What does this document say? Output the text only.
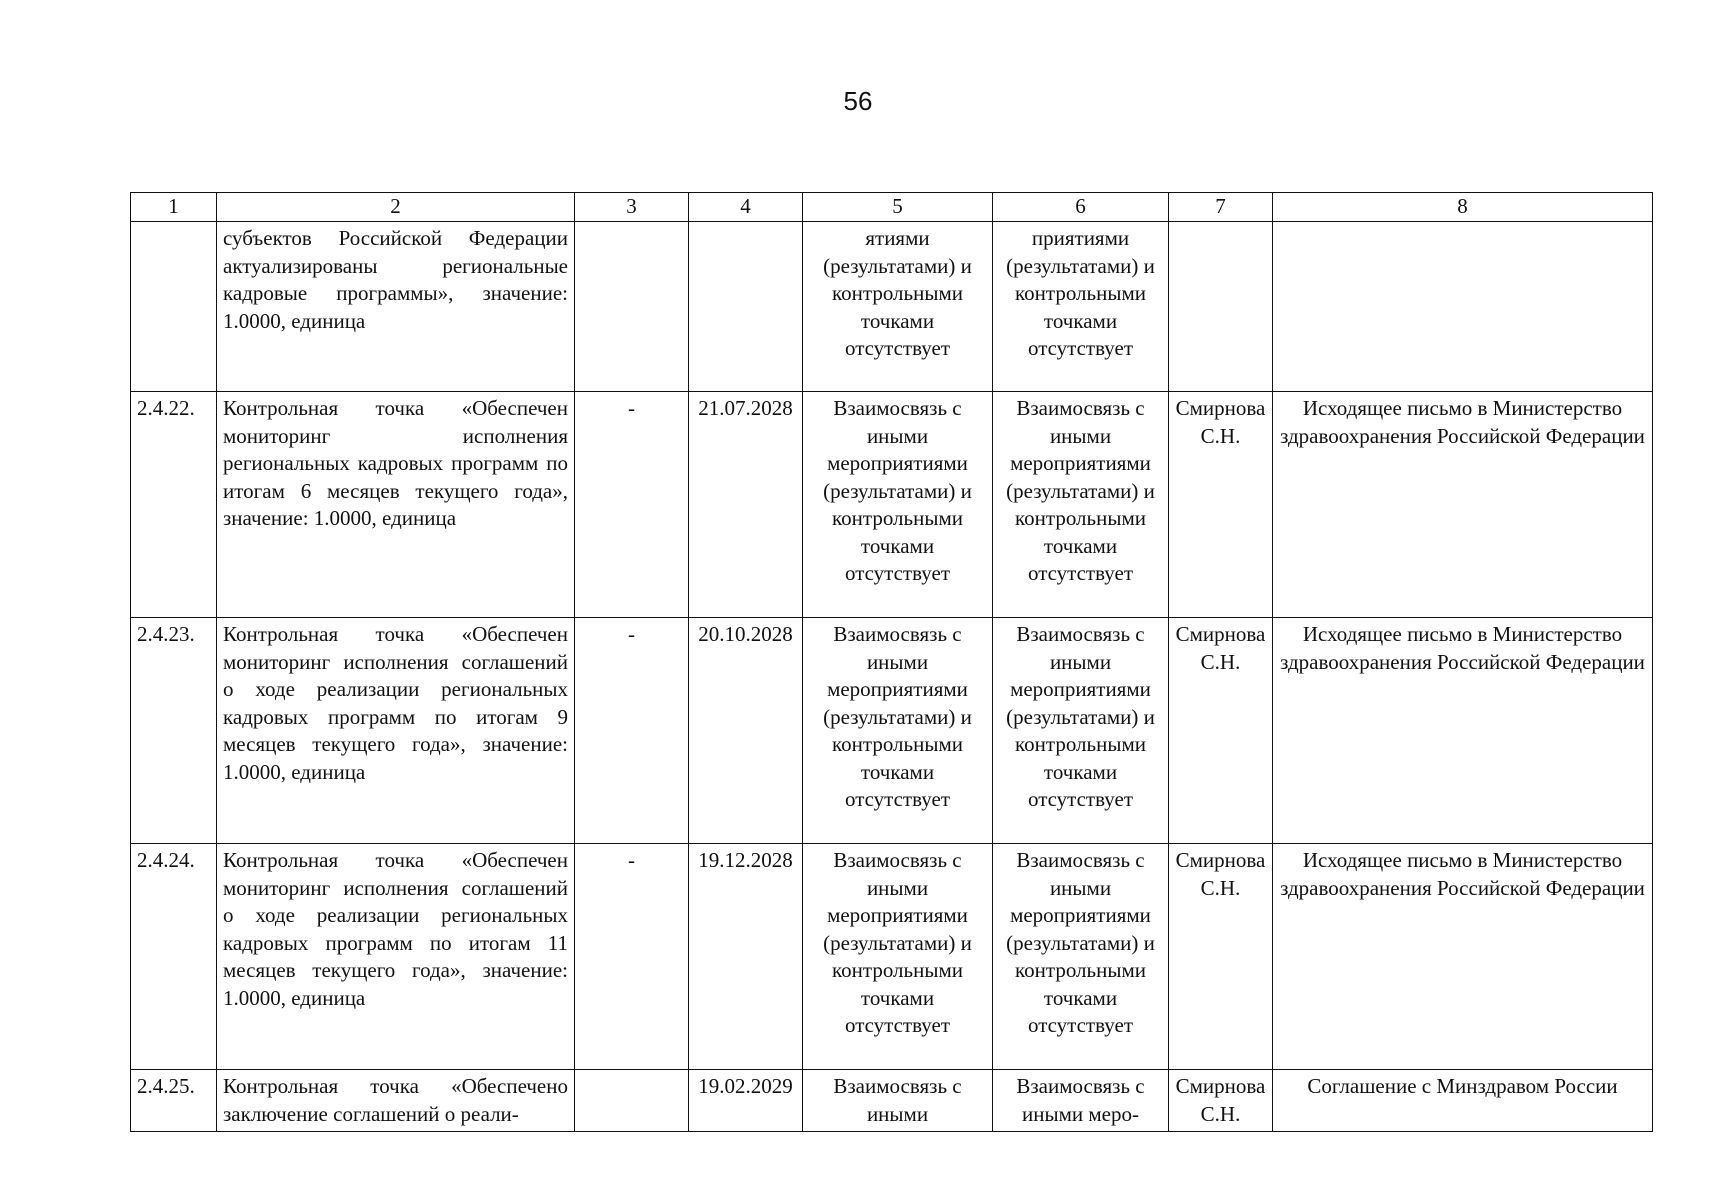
56
1	2	3	4	5	6	7	8
	субъектов Российской Федерации актуализированы региональные кадровые программы», значение: 1.0000, единица			ятиями (результатами) и контрольными точками отсутствует	приятиями (результатами) и контрольными точками отсутствует		
2.4.22.	Контрольная точка «Обеспечен мониторинг исполнения региональных кадровых программ по итогам 6 месяцев текущего года», значение: 1.0000, единица	-	21.07.2028	Взаимосвязь с иными мероприятиями (результатами) и контрольными точками отсутствует	Взаимосвязь с иными мероприятиями (результатами) и контрольными точками отсутствует	Смирнова С.Н.	Исходящее письмо в Министерство здравоохранения Российской Федерации
2.4.23.	Контрольная точка «Обеспечен мониторинг исполнения соглашений о ходе реализации региональных кадровых программ по итогам 9 месяцев текущего года», значение: 1.0000, единица	-	20.10.2028	Взаимосвязь с иными мероприятиями (результатами) и контрольными точками отсутствует	Взаимосвязь с иными мероприятиями (результатами) и контрольными точками отсутствует	Смирнова С.Н.	Исходящее письмо в Министерство здравоохранения Российской Федерации
2.4.24.	Контрольная точка «Обеспечен мониторинг исполнения соглашений о ходе реализации региональных кадровых программ по итогам 11 месяцев текущего года», значение: 1.0000, единица	-	19.12.2028	Взаимосвязь с иными мероприятиями (результатами) и контрольными точками отсутствует	Взаимосвязь с иными мероприятиями (результатами) и контрольными точками отсутствует	Смирнова С.Н.	Исходящее письмо в Министерство здравоохранения Российской Федерации
2.4.25.	Контрольная точка «Обеспечено заключение соглашений о реали-		19.02.2029	Взаимосвязь с иными	Взаимосвязь с иными меро-	Смирнова С.Н.	Соглашение с Минздравом России
